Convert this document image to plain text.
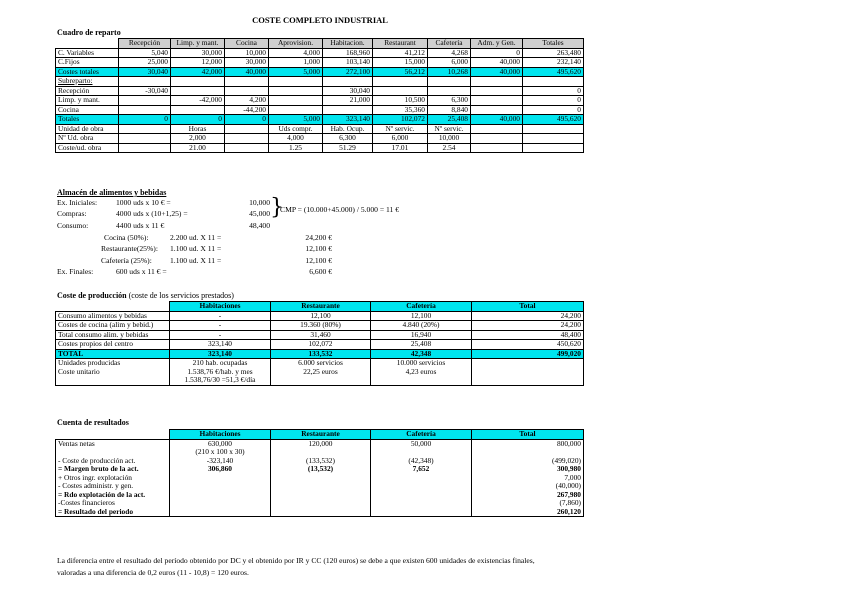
COSTE COMPLETO INDUSTRIAL
Cuadro de reparto
	Recepción	Limp. y mant.	Cocina	Aprovision.	Habitacion.	Restaurant	Cafetería	Adm. y Gen.	Totales
C. Variables	5,040	30,000	10,000	4,000	168,960	41,212	4,268	0	263,480
C.Fijos	25,000	12,000	30,000	1,000	103,140	15,000	6,000	40,000	232,140
Costes totales	30,040	42,000	40,000	5,000	272,100	56,212	10,268	40,000	495,620
Subreparto:									
Recepción	-30,040				30,040				0
Limp. y mant.		-42,000	4,200		21,000	10,500	6,300		0
Cocina			-44,200			35,360	8,840		0
Totales	0	0	0	5,000	323,140	102,072	25,408	40,000	495,620
Unidad de obra		Horas		Uds compr.	Hab. Ocup.	Nº servic.	Nº servic.		
Nº Ud. obra		2,000		4,000	6,300	6,000	10,000		
Coste/ud. obra		21.00		1.25	51.29	17.01	2.54		
Almacén de alimentos y bebidas
Ex. Iniciales: 1000 uds x 10 € =	10,000
Compras:	4000 uds x (10+1,25) =	45,000 }
CMP = (10.000+45.000) / 5.000 = 11 €
Consumo:	4400 uds x 11 €	48,400
Cocina (50%):	2.200 ud. X 11 =	24,200 €
Restaurante(25%): 1.100 ud. X 11 =	12,100 €
Cafetería (25%): 1.100 ud. X 11 =	12,100 €
Ex. Finales:	600 uds x 11 € =	6,600 €
Coste de producción (coste de los servicios prestados)
	Habitaciones	Restaurante	Cafetería	Total
Consumo alimentos y bebidas	-	12,100	12,100	24,200
Costes de cocina (alim y bebid.)	-	19.360 (80%)	4.840 (20%)	24,200
Total consumo alim. y bebidas	-	31,460	16,940	48,400
Costes propios del centro	323,140	102,072	25,408	450,620
TOTAL	323,140	133,532	42,348	499,020
Unidades producidas	210 hab. ocupadas	6.000 servicios	10.000 servicios	
Coste unitario	1.538,76 €/hab. y mes	22,25 euros	4,23 euros	
	1.538,76/30 =51,3 €/día			
Cuenta de resultados
	Habitaciones	Restaurante	Cafetería	Total
Ventas netas	630,000	120,000	50,000	800,000
	(210 x 100 x 30)			
- Coste de producción act.	-323,140	(133,532)	(42,348)	(499,020)
= Margen bruto de la act.	306,860	(13,532)	7,652	300,980
+ Otros ingr. explotación				7,000
- Costes administr. y gen.				(40,000)
= Rdo explotación de la act.				267,980
-Costes financieros				(7,860)
= Resultado del periodo				260,120
La diferencia entre el resultado del período obtenido por DC y el obtenido por IR y CC (120 euros) se debe a que existen 600 unidades de existencias finales,
valoradas a una diferencia de 0,2 euros (11 - 10,8) = 120 euros.
